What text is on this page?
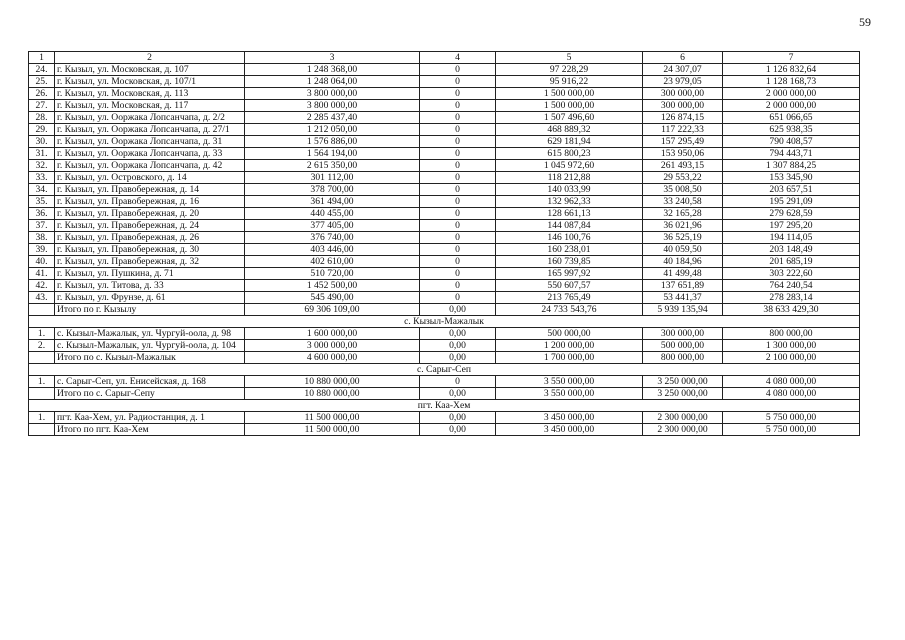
59
1	2	3	4	5	6	7
24.	г. Кызыл, ул. Московская, д. 107	1 248 368,00	0	97 228,29	24 307,07	1 126 832,64
25.	г. Кызыл, ул. Московская, д. 107/1	1 248 064,00	0	95 916,22	23 979,05	1 128 168,73
26.	г. Кызыл, ул. Московская, д. 113	3 800 000,00	0	1 500 000,00	300 000,00	2 000 000,00
27.	г. Кызыл, ул. Московская, д. 117	3 800 000,00	0	1 500 000,00	300 000,00	2 000 000,00
28.	г. Кызыл, ул. Ооржака Лопсанчапа, д. 2/2	2 285 437,40	0	1 507 496,60	126 874,15	651 066,65
29.	г. Кызыл, ул. Ооржака Лопсанчапа, д. 27/1	1 212 050,00	0	468 889,32	117 222,33	625 938,35
30.	г. Кызыл, ул. Ооржака Лопсанчапа, д. 31	1 576 886,00	0	629 181,94	157 295,49	790 408,57
31.	г. Кызыл, ул. Ооржака Лопсанчапа, д. 33	1 564 194,00	0	615 800,23	153 950,06	794 443,71
32.	г. Кызыл, ул. Ооржака Лопсанчапа, д. 42	2 615 350,00	0	1 045 972,60	261 493,15	1 307 884,25
33.	г. Кызыл, ул. Островского, д. 14	301 112,00	0	118 212,88	29 553,22	153 345,90
34.	г. Кызыл, ул. Правобережная, д. 14	378 700,00	0	140 033,99	35 008,50	203 657,51
35.	г. Кызыл, ул. Правобережная, д. 16	361 494,00	0	132 962,33	33 240,58	195 291,09
36.	г. Кызыл, ул. Правобережная, д. 20	440 455,00	0	128 661,13	32 165,28	279 628,59
37.	г. Кызыл, ул. Правобережная, д. 24	377 405,00	0	144 087,84	36 021,96	197 295,20
38.	г. Кызыл, ул. Правобережная, д. 26	376 740,00	0	146 100,76	36 525,19	194 114,05
39.	г. Кызыл, ул. Правобережная, д. 30	403 446,00	0	160 238,01	40 059,50	203 148,49
40.	г. Кызыл, ул. Правобережная, д. 32	402 610,00	0	160 739,85	40 184,96	201 685,19
41.	г. Кызыл, ул. Пушкина, д. 71	510 720,00	0	165 997,92	41 499,48	303 222,60
42.	г. Кызыл, ул. Титова, д. 33	1 452 500,00	0	550 607,57	137 651,89	764 240,54
43.	г. Кызыл, ул. Фрунзе, д. 61	545 490,00	0	213 765,49	53 441,37	278 283,14
	Итого по г. Кызылу	69 306 109,00	0,00	24 733 543,76	5 939 135,94	38 633 429,30
с. Кызыл-Мажалык						
1.	с. Кызыл-Мажалык, ул. Чургуй-оола, д. 98	1 600 000,00	0,00	500 000,00	300 000,00	800 000,00
2.	с. Кызыл-Мажалык, ул. Чургуй-оола, д. 104	3 000 000,00	0,00	1 200 000,00	500 000,00	1 300 000,00
	Итого по с. Кызыл-Мажалык	4 600 000,00	0,00	1 700 000,00	800 000,00	2 100 000,00
с. Сарыг-Сеп						
1.	с. Сарыг-Сеп, ул. Енисейская, д. 168	10 880 000,00	0	3 550 000,00	3 250 000,00	4 080 000,00
	Итого по с. Сарыг-Сепу	10 880 000,00	0,00	3 550 000,00	3 250 000,00	4 080 000,00
пгт. Каа-Хем						
1.	пгт. Каа-Хем, ул. Радиостанция, д. 1	11 500 000,00	0,00	3 450 000,00	2 300 000,00	5 750 000,00
	Итого по пгт. Каа-Хем	11 500 000,00	0,00	3 450 000,00	2 300 000,00	5 750 000,00
